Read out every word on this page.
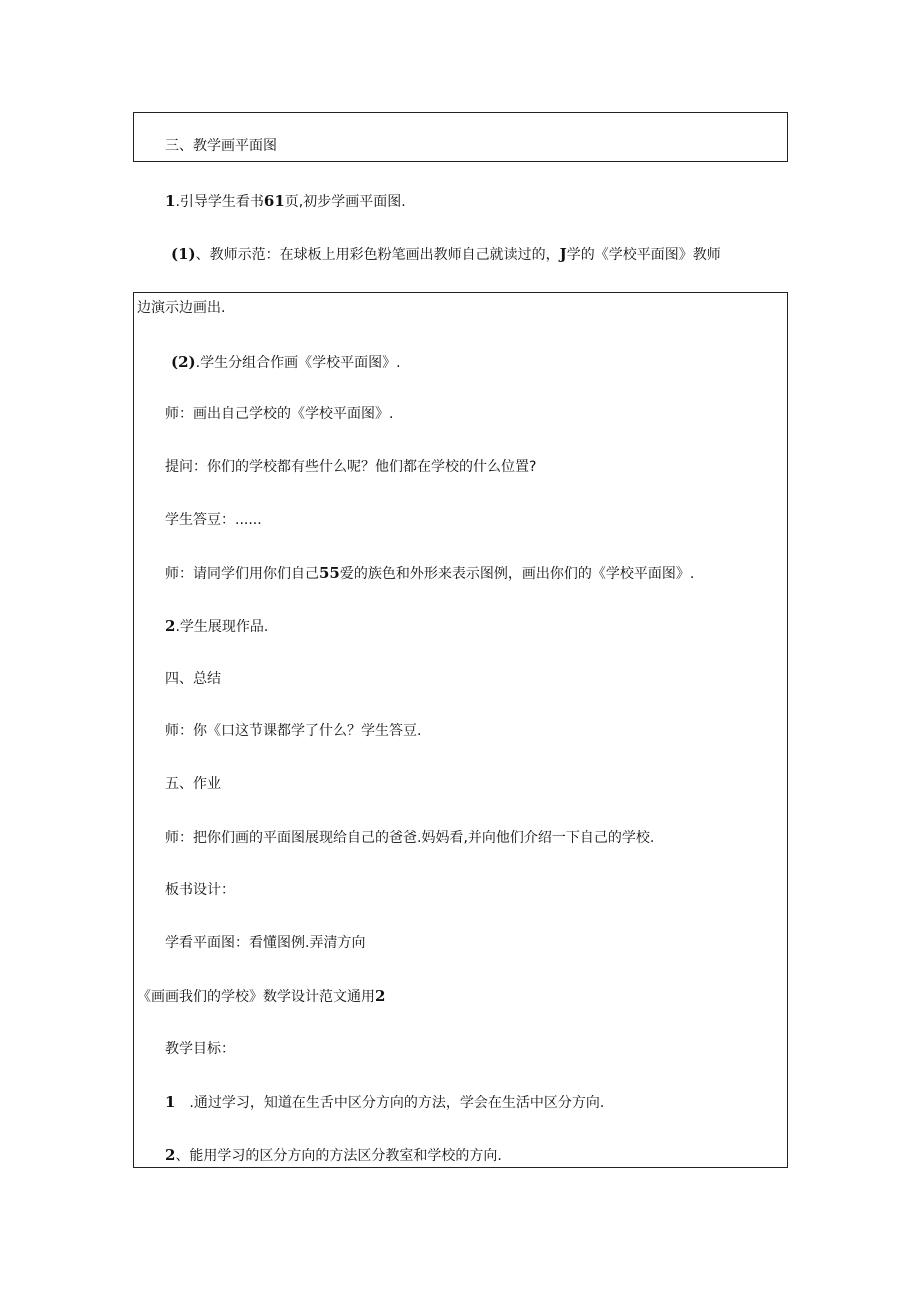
三、教学画平面图
1.引导学生看书61页,初步学画平面图.
(1)、教师示范：在球板上用彩色粉笔画出教师自己就读过的，J学的《学校平面图》教师
边演示边画出.
(2).学生分组合作画《学校平面图》.
师：画出自己学校的《学校平面图》.
提问：你们的学校都有些什么呢？他们都在学校的什么位置?
学生答豆：......
师：请同学们用你们自己55爱的族色和外形来表示图例，画出你们的《学校平面图》.
2.学生展现作品.
四、总结
师：你《口这节课都学了什么？学生答豆.
五、作业
师：把你们画的平面图展现给自己的爸爸.妈妈看,并向他们介绍一下自己的学校.
板书设计：
学看平面图：看懂图例.弄清方向
《画画我们的学校》数学设计范文通用2
教学目标：
1　.通过学习，知道在生舌中区分方向的方法，学会在生活中区分方向.
2、能用学习的区分方向的方法区分教室和学校的方向.
